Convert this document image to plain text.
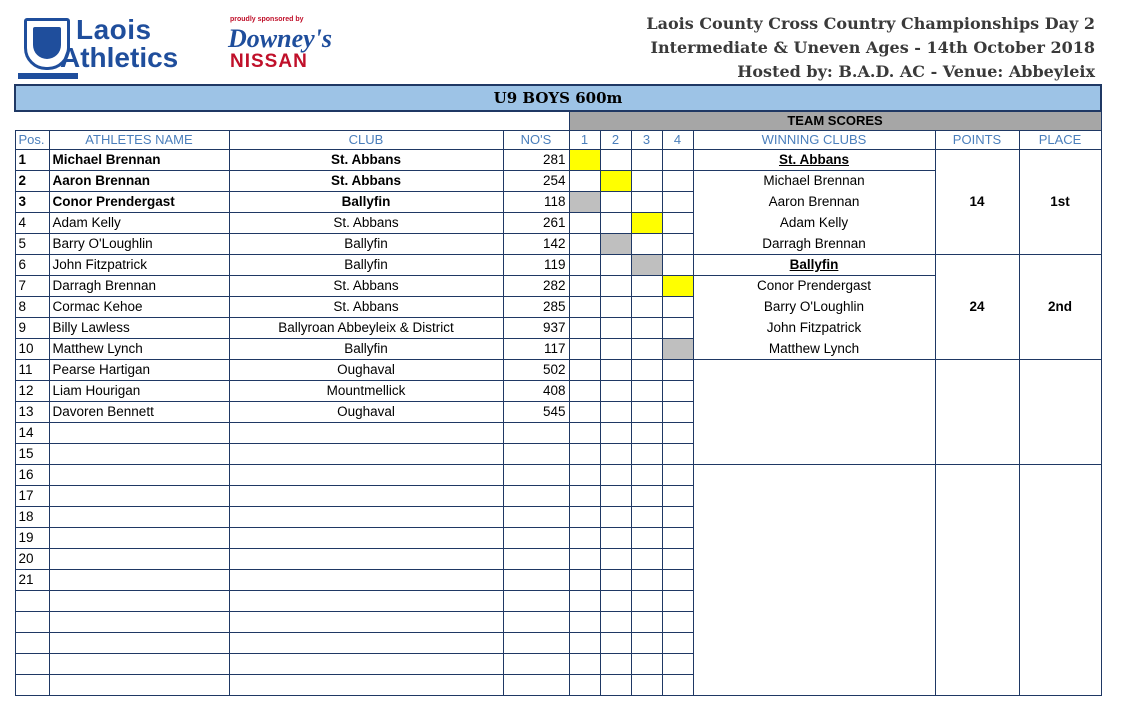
Laois
Athletics
proudly sponsored by
Downey's
NISSAN
Laois County Cross Country Championships Day 2
Intermediate & Uneven Ages - 14th October 2018
Hosted by: B.A.D. AC - Venue: Abbeyleix
U9 BOYS 600m										
				TEAM SCORES						
Pos.	ATHLETES NAME	CLUB	NO'S	1	2	3	4	WINNING CLUBS	POINTS	PLACE
1	Michael Brennan	St. Abbans	281					St. Abbans	14	1st
2	Aaron Brennan	St. Abbans	254					Michael Brennan		
3	Conor Prendergast	Ballyfin	118					Aaron Brennan		
4	Adam Kelly	St. Abbans	261					Adam Kelly		
5	Barry O'Loughlin	Ballyfin	142					Darragh Brennan		
6	John Fitzpatrick	Ballyfin	119					Ballyfin	24	2nd
7	Darragh Brennan	St. Abbans	282					Conor Prendergast		
8	Cormac Kehoe	St. Abbans	285					Barry O'Loughlin		
9	Billy Lawless	Ballyroan Abbeyleix & District	937					John Fitzpatrick		
10	Matthew Lynch	Ballyfin	117					Matthew Lynch		
11	Pearse Hartigan	Oughaval	502							
12	Liam Hourigan	Mountmellick	408							
13	Davoren Bennett	Oughaval	545							
14										
15										
16										
17										
18										
19										
20										
21										
